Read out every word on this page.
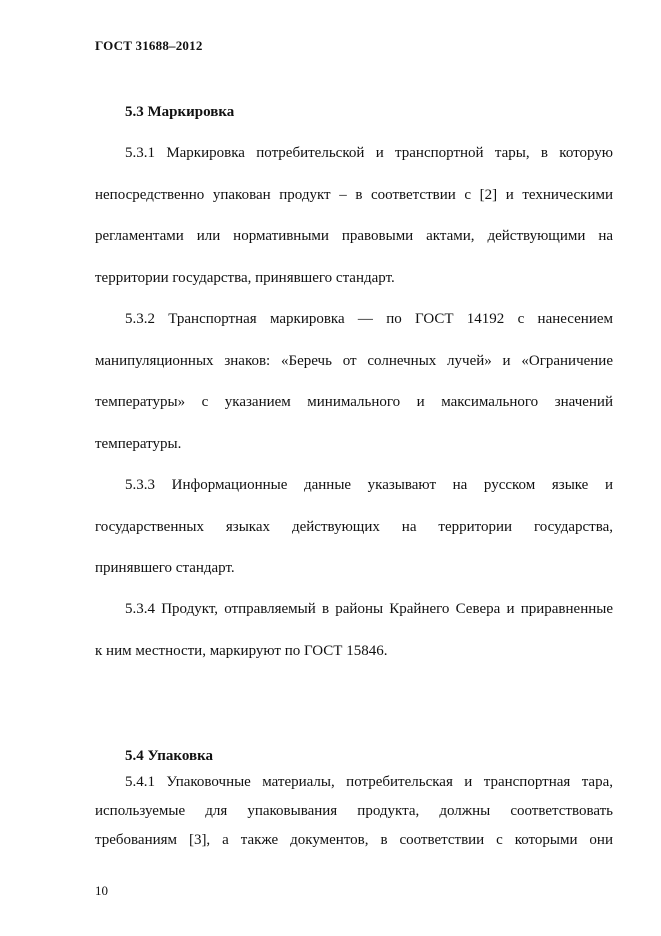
ГОСТ 31688–2012
5.3 Маркировка
5.3.1 Маркировка потребительской и транспортной тары, в которую
непосредственно упакован продукт – в соответствии с [2] и техническими
регламентами или нормативными правовыми актами, действующими на
территории государства, принявшего стандарт.
5.3.2 Транспортная маркировка — по ГОСТ 14192 с нанесением
манипуляционных знаков: «Беречь от солнечных лучей» и «Ограничение
температуры» с указанием минимального и максимального значений
температуры.
5.3.3 Информационные данные указывают на русском языке и
государственных языках действующих на территории государства,
принявшего стандарт.
5.3.4 Продукт, отправляемый в районы Крайнего Севера и приравненные
к ним местности, маркируют по ГОСТ 15846.
5.4 Упаковка
5.4.1 Упаковочные материалы, потребительская и транспортная тара,
используемые для упаковывания продукта, должны соответствовать
требованиям [3], а также документов, в соответствии с которыми они
10
